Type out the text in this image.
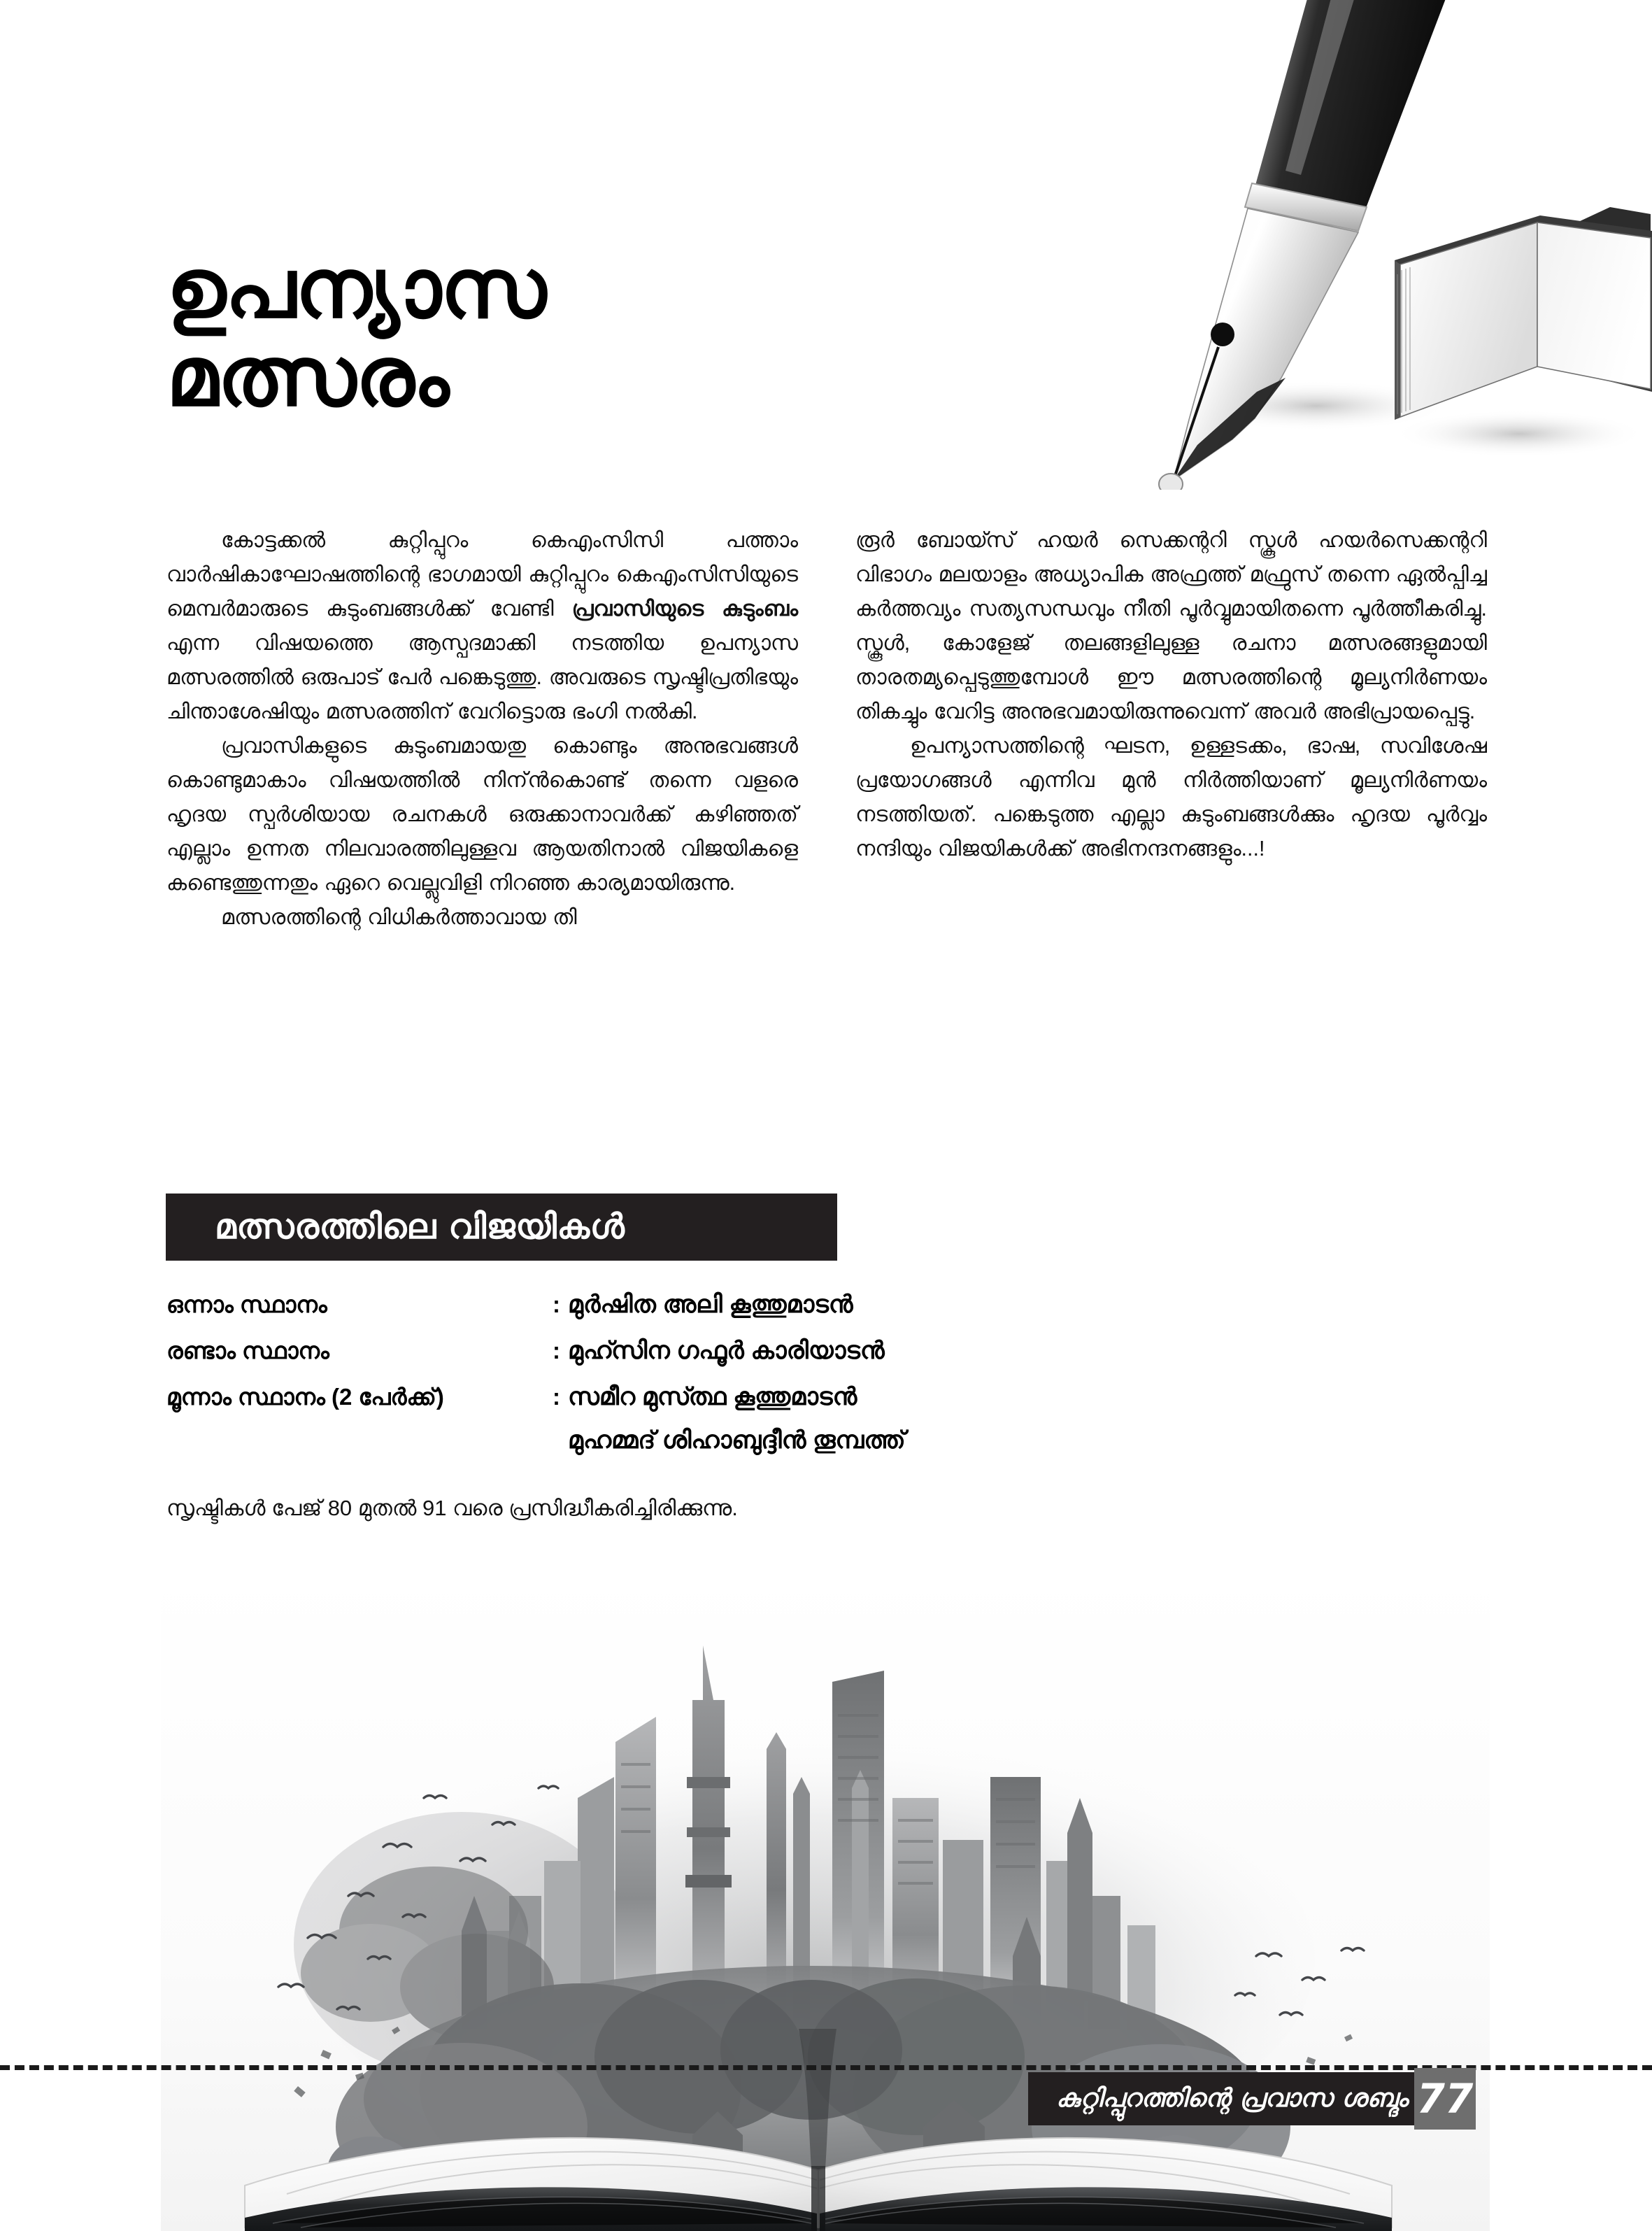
ഉപന്യാസ
മത്സരം

കോട്ടക്കല്‍ കുറ്റിപ്പുറം കെഎംസിസി പത്താം വാര്‍ഷികാഘോഷത്തിന്റെ ഭാഗമായി കുറ്റിപ്പുറം കെഎംസിസിയുടെ മെമ്പര്‍മാരുടെ കുടുംബങ്ങള്‍ക്ക് വേണ്ടി പ്രവാസിയുടെ കുടുംബം എന്ന വിഷയത്തെ ആസ്പദമാക്കി നടത്തിയ ഉപന്യാസ മത്സരത്തില്‍ ഒരുപാട് പേര്‍ പങ്കെടുത്തു. അവരുടെ സൃഷ്ടിപ്രതിഭയും ചിന്താശേഷിയും മത്സരത്തിന് വേറിട്ടൊരു ഭംഗി നല്‍കി.

പ്രവാസികളുടെ കുടുംബമായതു കൊണ്ടും അനുഭവങ്ങള്‍ കൊണ്ടുമാകാം വിഷയത്തില്‍ നിന്ന്‍കൊണ്ട് തന്നെ വളരെ ഹൃദയ സ്പര്‍ശിയായ രചനകള്‍ ഒരുക്കാനാവര്‍ക്ക് കഴിഞ്ഞത് എല്ലാം ഉന്നത നിലവാരത്തിലുള്ളവ ആയതിനാല്‍ വിജയികളെ കണ്ടെത്തുന്നതും ഏറെ വെല്ലുവിളി നിറഞ്ഞ കാര്യമായിരുന്നു.

മത്സരത്തിന്റെ വിധികര്‍ത്താവായ തി

രൂര്‍ ബോയ്സ് ഹയര്‍ സെക്കന്ററി സ്കൂള്‍ ഹയര്‍സെക്കന്ററി വിഭാഗം മലയാളം അധ്യാപിക അഫ്രത്ത് മഫ്രുസ് തന്നെ ഏല്‍പ്പിച്ച കര്‍ത്തവ്യം സത്യസന്ധവും നീതി പൂര്‍വ്വുമായിതന്നെ പൂര്‍ത്തീകരിച്ചു. സ്കൂള്‍, കോളേജ് തലങ്ങളിലുള്ള രചനാ മത്സരങ്ങളുമായി താരതമ്യപ്പെടുത്തുമ്പോള്‍ ഈ മത്സരത്തിന്റെ മൂല്യനിര്‍ണയം തികച്ചും വേറിട്ട അനുഭവമായിരുന്നുവെന്ന് അവര്‍ അഭിപ്രായപ്പെട്ടു.

ഉപന്യാസത്തിന്റെ ഘടന, ഉള്ളടക്കം, ഭാഷ, സവിശേഷ പ്രയോഗങ്ങള്‍ എന്നിവ മുന്‍ നിര്‍ത്തിയാണ് മൂല്യനിര്‍ണയം നടത്തിയത്. പങ്കെടുത്ത എല്ലാ കുടുംബങ്ങള്‍ക്കും ഹൃദയ പൂര്‍വ്വം നന്ദിയും വിജയികള്‍ക്ക് അഭിനന്ദനങ്ങളും...!

മത്സരത്തിലെ വിജയികൾ
ഒന്നാം സ്ഥാനം	: മുര്‍ഷിത അലി കൂത്തുമാടന്‍
രണ്ടാം സ്ഥാനം	: മുഹ്സിന ഗഫൂര്‍ കാരിയാടന്‍
മൂന്നാം സ്ഥാനം (2 പേര്‍ക്ക്)	: സമീറ മുസ്ത്ഥ കൂത്തുമാടന്‍
മുഹമ്മദ് ശിഹാബുദ്ദീന്‍ തൂമ്പത്ത്
സൃഷ്ടികൾ പേജ് 80 മുതൽ 91 വരെ പ്രസിദ്ധീകരിച്ചിരിക്കുന്നു.
കുറ്റിപ്പുറത്തിന്റെ പ്രവാസ ശബ്ദം 77
